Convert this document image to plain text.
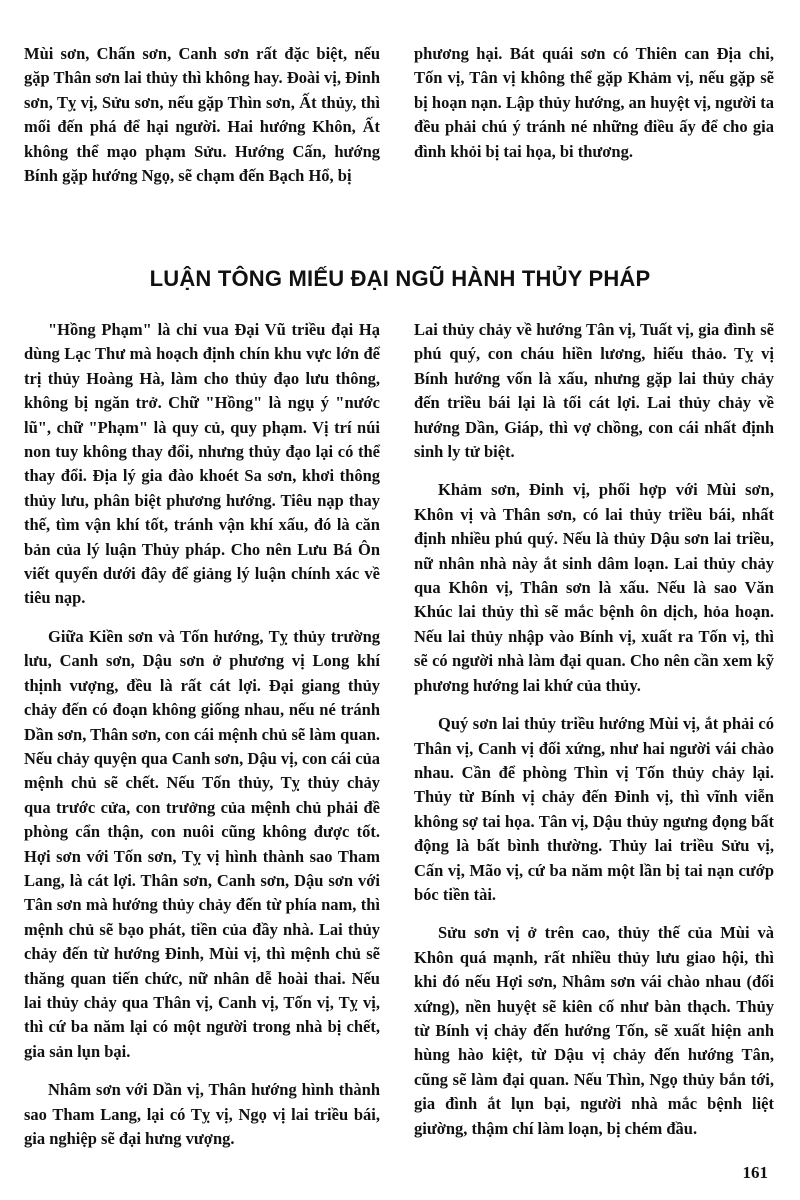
Mùi sơn, Chấn sơn, Canh sơn rất đặc biệt, nếu gặp Thân sơn lai thủy thì không hay. Đoài vị, Đinh sơn, Tỵ vị, Sửu sơn, nếu gặp Thìn sơn, Ất thủy, thì mối đến phá để hại người. Hai hướng Khôn, Ất không thể mạo phạm Sửu. Hướng Cấn, hướng Bính gặp hướng Ngọ, sẽ chạm đến Bạch Hổ, bị

phương hại. Bát quái sơn có Thiên can Địa chi, Tốn vị, Tân vị không thể gặp Khảm vị, nếu gặp sẽ bị hoạn nạn. Lập thủy hướng, an huyệt vị, người ta đều phải chú ý tránh né những điều ấy để cho gia đình khỏi bị tai họa, bi thương.

LUẬN TÔNG MIẾU ĐẠI NGŨ HÀNH THỦY PHÁP

"Hồng Phạm" là chỉ vua Đại Vũ triều đại Hạ dùng Lạc Thư mà hoạch định chín khu vực lớn để trị thủy Hoàng Hà, làm cho thủy đạo lưu thông, không bị ngăn trở. Chữ "Hồng" là ngụ ý "nước lũ", chữ "Phạm" là quy củ, quy phạm. Vị trí núi non tuy không thay đổi, nhưng thủy đạo lại có thể thay đổi. Địa lý gia đào khoét Sa sơn, khơi thông thủy lưu, phân biệt phương hướng. Tiêu nạp thay thế, tìm vận khí tốt, tránh vận khí xấu, đó là căn bản của lý luận Thủy pháp. Cho nên Lưu Bá Ôn viết quyển dưới đây để giảng lý luận chính xác về tiêu nạp.

Giữa Kiền sơn và Tốn hướng, Tỵ thủy trường lưu, Canh sơn, Dậu sơn ở phương vị Long khí thịnh vượng, đều là rất cát lợi. Đại giang thủy chảy đến có đoạn không giống nhau, nếu né tránh Dần sơn, Thân sơn, con cái mệnh chủ sẽ làm quan. Nếu chảy quyện qua Canh sơn, Dậu vị, con cái của mệnh chủ sẽ chết. Nếu Tốn thủy, Tỵ thủy chảy qua trước cửa, con trưởng của mệnh chủ phải đề phòng cẩn thận, con nuôi cũng không được tốt. Hợi sơn với Tốn sơn, Tỵ vị hình thành sao Tham Lang, là cát lợi. Thân sơn, Canh sơn, Dậu sơn với Tân sơn mà hướng thủy chảy đến từ phía nam, thì mệnh chủ sẽ bạo phát, tiền của đầy nhà. Lai thủy chảy đến từ hướng Đinh, Mùi vị, thì mệnh chủ sẽ thăng quan tiến chức, nữ nhân dễ hoài thai. Nếu lai thủy chảy qua Thân vị, Canh vị, Tốn vị, Tỵ vị, thì cứ ba năm lại có một người trong nhà bị chết, gia sản lụn bại.

Nhâm sơn với Dần vị, Thân hướng hình thành sao Tham Lang, lại có Tỵ vị, Ngọ vị lai triều bái, gia nghiệp sẽ đại hưng vượng.

Lai thủy chảy về hướng Tân vị, Tuất vị, gia đình sẽ phú quý, con cháu hiền lương, hiếu thảo. Tỵ vị Bính hướng vốn là xấu, nhưng gặp lai thủy chảy đến triều bái lại là tối cát lợi. Lai thủy chảy về hướng Dần, Giáp, thì vợ chồng, con cái nhất định sinh ly tử biệt.

Khảm sơn, Đinh vị, phối hợp với Mùi sơn, Khôn vị và Thân sơn, có lai thủy triều bái, nhất định nhiều phú quý. Nếu là thủy Dậu sơn lai triều, nữ nhân nhà này ắt sinh dâm loạn. Lai thủy chảy qua Khôn vị, Thân sơn là xấu. Nếu là sao Văn Khúc lai thủy thì sẽ mắc bệnh ôn dịch, hỏa hoạn. Nếu lai thủy nhập vào Bính vị, xuất ra Tốn vị, thì sẽ có người nhà làm đại quan. Cho nên cần xem kỹ phương hướng lai khứ của thủy.

Quý sơn lai thủy triều hướng Mùi vị, ắt phải có Thân vị, Canh vị đối xứng, như hai người vái chào nhau. Cần để phòng Thìn vị Tốn thủy chảy lại. Thủy từ Bính vị chảy đến Đinh vị, thì vĩnh viễn không sợ tai họa. Tân vị, Dậu thủy ngưng đọng bất động là bất bình thường. Thủy lai triều Sửu vị, Cấn vị, Mão vị, cứ ba năm một lần bị tai nạn cướp bóc tiền tài.

Sửu sơn vị ở trên cao, thủy thế của Mùi và Khôn quá mạnh, rất nhiều thủy lưu giao hội, thì khi đó nếu Hợi sơn, Nhâm sơn vái chào nhau (đối xứng), nền huyệt sẽ kiên cố như bàn thạch. Thủy từ Bính vị chảy đến hướng Tốn, sẽ xuất hiện anh hùng hào kiệt, từ Dậu vị chảy đến hướng Tân, cũng sẽ làm đại quan. Nếu Thìn, Ngọ thủy bắn tới, gia đình ắt lụn bại, người nhà mắc bệnh liệt giường, thậm chí làm loạn, bị chém đầu.

161
